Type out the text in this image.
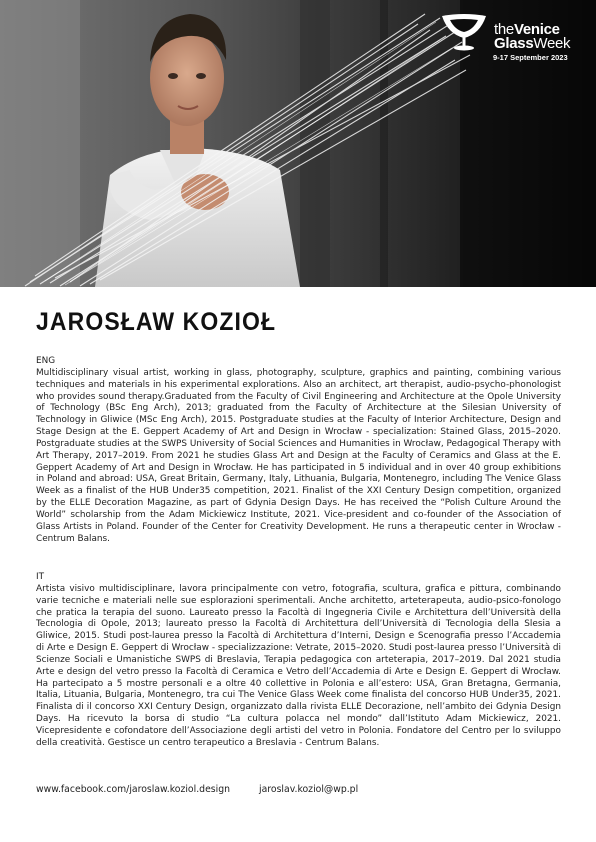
theVenice
GlassWeek
9-17 September 2023
JAROSŁAW KOZIOŁ
ENG
Multidisciplinary visual artist, working in glass, photography, sculpture, graphics and painting, combining various techniques and materials in his experimental explorations. Also an architect, art therapist, audio-psycho-phonologist who provides sound therapy.Graduated from the Faculty of Civil Engineering and Architecture at the Opole University of Technology (BSc Eng Arch), 2013; graduated from the Faculty of Architecture at the Silesian University of Technology in Gliwice (MSc Eng Arch), 2015. Postgraduate studies at the Faculty of Interior Architecture, Design and Stage Design at the E. Geppert Academy of Art and Design in Wrocław - specialization: Stained Glass, 2015–2020. Postgraduate studies at the SWPS University of Social Sciences and Humanities in Wrocław, Pedagogical Therapy with Art Therapy, 2017–2019. From 2021 he studies Glass Art and Design at the Faculty of Ceramics and Glass at the E. Geppert Academy of Art and Design in Wrocław. He has participated in 5 individual and in over 40 group exhibitions in Poland and abroad: USA, Great Britain, Germany, Italy, Lithuania, Bulgaria, Montenegro, including The Venice Glass Week as a finalist of the HUB Under35 competition, 2021. Finalist of the XXI Century Design competition, organized by the ELLE Decoration Magazine, as part of Gdynia Design Days. He has received the “Polish Culture Around the World” scholarship from the Adam Mickiewicz Institute, 2021. Vice-president and co-founder of the Association of Glass Artists in Poland. Founder of the Center for Creativity Development. He runs a therapeutic center in Wrocław - Centrum Balans.
IT
Artista visivo multidisciplinare, lavora principalmente con vetro, fotografia, scultura, grafica e pittura, combinando varie tecniche e materiali nelle sue esplorazioni sperimentali. Anche architetto, arteterapeuta, audio-psico-fonologo che pratica la terapia del suono. Laureato presso la Facoltà di Ingegneria Civile e Architettura dell’Università della Tecnologia di Opole, 2013; laureato presso la Facoltà di Architettura dell’Università di Tecnologia della Slesia a Gliwice, 2015. Studi post-laurea presso la Facoltà di Architettura d’Interni, Design e Scenografia presso l’Accademia di Arte e Design E. Geppert di Wrocław - specializzazione: Vetrate, 2015–2020. Studi post-laurea presso l’Università di Scienze Sociali e Umanistiche SWPS di Breslavia, Terapia pedagogica con arteterapia, 2017–2019. Dal 2021 studia Arte e design del vetro presso la Facoltà di Ceramica e Vetro dell’Accademia di Arte e Design E. Geppert di Wrocław. Ha partecipato a 5 mostre personali e a oltre 40 collettive in Polonia e all’estero: USA, Gran Bretagna, Germania, Italia, Lituania, Bulgaria, Montenegro, tra cui The Venice Glass Week come finalista del concorso HUB Under35, 2021. Finalista di il concorso XXI Century Design, organizzato dalla rivista ELLE Decorazione, nell’ambito dei Gdynia Design Days. Ha ricevuto la borsa di studio “La cultura polacca nel mondo” dall’Istituto Adam Mickiewicz, 2021. Vicepresidente e cofondatore dell’Associazione degli artisti del vetro in Polonia. Fondatore del Centro per lo sviluppo della creatività. Gestisce un centro terapeutico a Breslavia - Centrum Balans.
www.facebook.com/jaroslaw.koziol.design	jaroslav.koziol@wp.pl
